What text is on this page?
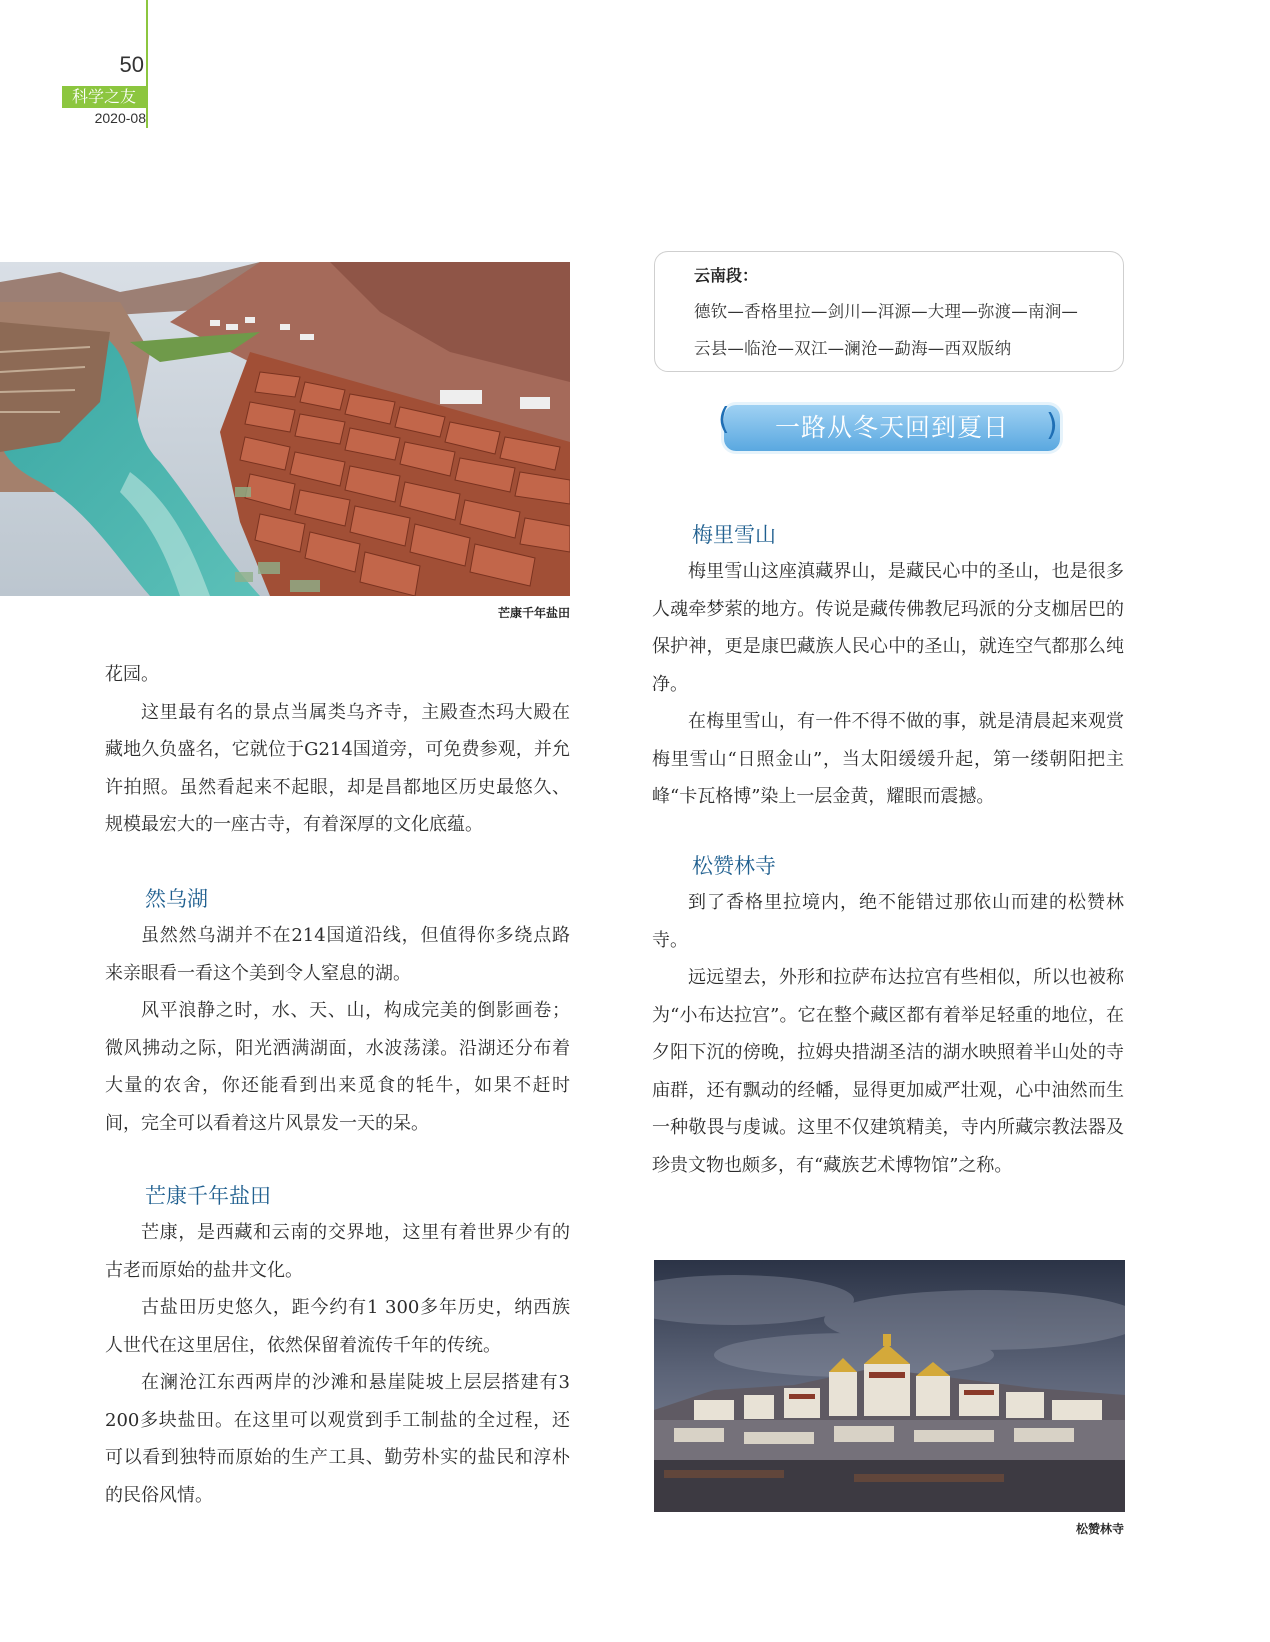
50
科学之友
2020-08
芒康千年盐田

花园。

这里最有名的景点当属类乌齐寺，主殿查杰玛大殿在藏地久负盛名，它就位于G214国道旁，可免费参观，并允许拍照。虽然看起来不起眼，却是昌都地区历史最悠久、规模最宏大的一座古寺，有着深厚的文化底蕴。

然乌湖

虽然然乌湖并不在214国道沿线，但值得你多绕点路来亲眼看一看这个美到令人窒息的湖。

风平浪静之时，水、天、山，构成完美的倒影画卷；微风拂动之际，阳光洒满湖面，水波荡漾。沿湖还分布着大量的农舍，你还能看到出来觅食的牦牛，如果不赶时间，完全可以看着这片风景发一天的呆。

芒康千年盐田

芒康，是西藏和云南的交界地，这里有着世界少有的古老而原始的盐井文化。

古盐田历史悠久，距今约有1 300多年历史，纳西族人世代在这里居住，依然保留着流传千年的传统。

在澜沧江东西两岸的沙滩和悬崖陡坡上层层搭建有3 200多块盐田。在这里可以观赏到手工制盐的全过程，还可以看到独特而原始的生产工具、勤劳朴实的盐民和淳朴的民俗风情。

云南段：
德钦—香格里拉—剑川—洱源—大理—弥渡—南涧—
云县—临沧—双江—澜沧—勐海—西双版纳
(	)
一路从冬天回到夏日
梅里雪山

梅里雪山这座滇藏界山，是藏民心中的圣山，也是很多人魂牵梦萦的地方。传说是藏传佛教尼玛派的分支枷居巴的保护神，更是康巴藏族人民心中的圣山，就连空气都那么纯净。

在梅里雪山，有一件不得不做的事，就是清晨起来观赏梅里雪山“日照金山”，当太阳缓缓升起，第一缕朝阳把主峰“卡瓦格博”染上一层金黄，耀眼而震撼。

松赞林寺

到了香格里拉境内，绝不能错过那依山而建的松赞林寺。

远远望去，外形和拉萨布达拉宫有些相似，所以也被称为“小布达拉宫”。它在整个藏区都有着举足轻重的地位，在夕阳下沉的傍晚，拉姆央措湖圣洁的湖水映照着半山处的寺庙群，还有飘动的经幡，显得更加威严壮观，心中油然而生一种敬畏与虔诚。这里不仅建筑精美，寺内所藏宗教法器及珍贵文物也颇多，有“藏族艺术博物馆”之称。

松赞林寺
